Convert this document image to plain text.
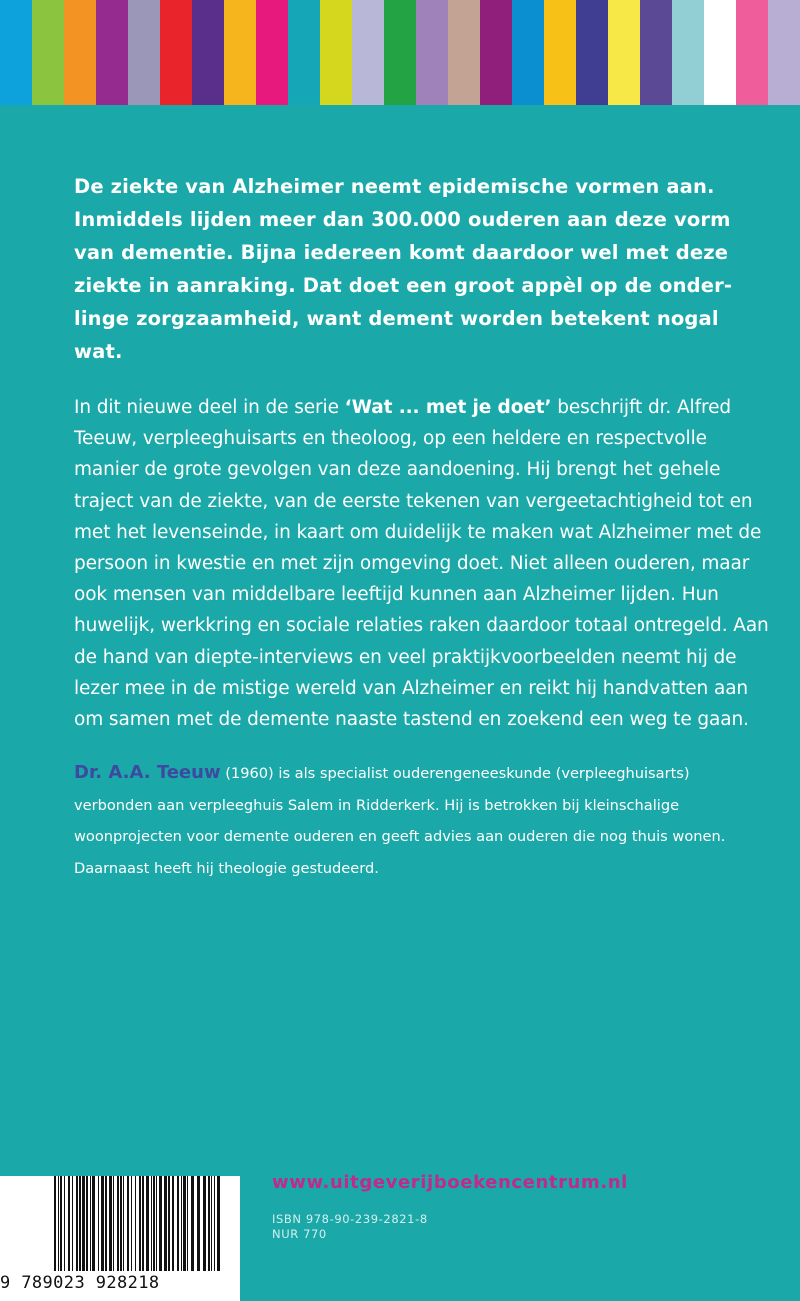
De ziekte van Alzheimer neemt epidemische vormen aan. Inmiddels lijden meer dan 300.000 ouderen aan deze vorm van dementie. Bijna iedereen komt daardoor wel met deze ziekte in aanraking. Dat doet een groot appèl op de onderlinge zorgzaamheid, want dement worden betekent nogal wat.

In dit nieuwe deel in de serie ‘Wat ... met je doet’ beschrijft dr. Alfred Teeuw, verpleeghuisarts en theoloog, op een heldere en respectvolle manier de grote gevolgen van deze aandoening. Hij brengt het gehele traject van de ziekte, van de eerste tekenen van vergeetachtigheid tot en met het levenseinde, in kaart om duidelijk te maken wat Alzheimer met de persoon in kwestie en met zijn omgeving doet. Niet alleen ouderen, maar ook mensen van middelbare leeftijd kunnen aan Alzheimer lijden. Hun huwelijk, werkkring en sociale relaties raken daardoor totaal ontregeld. Aan de hand van diepte-interviews en veel praktijkvoorbeelden neemt hij de lezer mee in de mistige wereld van Alzheimer en reikt hij handvatten aan om samen met de demente naaste tastend en zoekend een weg te gaan.

Dr. A.A. Teeuw (1960) is als specialist ouderengeneeskunde (verpleeghuisarts) verbonden aan verpleeghuis Salem in Ridderkerk. Hij is betrokken bij kleinschalige woonprojecten voor demente ouderen en geeft advies aan ouderen die nog thuis wonen. Daarnaast heeft hij theologie gestudeerd.

9 789023 928218
www.uitgeverijboekencentrum.nl
ISBN 978-90-239-2821-8
NUR 770
